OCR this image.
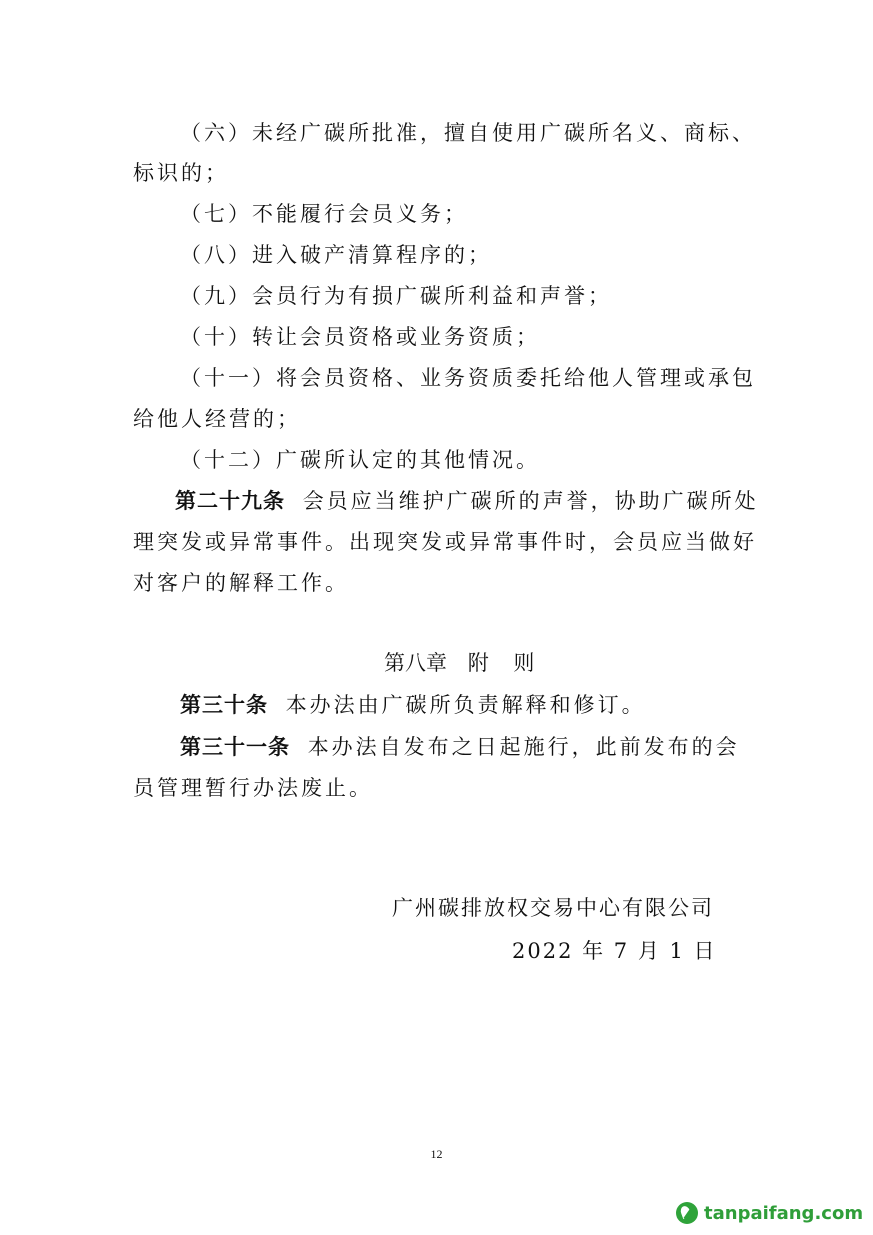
（六）未经广碳所批准，擅自使用广碳所名义、商标、
标识的；
（七）不能履行会员义务；
（八）进入破产清算程序的；
（九）会员行为有损广碳所利益和声誉；
（十）转让会员资格或业务资质；
（十一）将会员资格、业务资质委托给他人管理或承包
给他人经营的；
（十二）广碳所认定的其他情况。
第二十九条 会员应当维护广碳所的声誉，协助广碳所处
理突发或异常事件。出现突发或异常事件时，会员应当做好
对客户的解释工作。
第八章 附 则
第三十条 本办法由广碳所负责解释和修订。
第三十一条 本办法自发布之日起施行，此前发布的会
员管理暂行办法废止。
广州碳排放权交易中心有限公司
2022 年 7 月 1 日
12
tanpaifang.com
